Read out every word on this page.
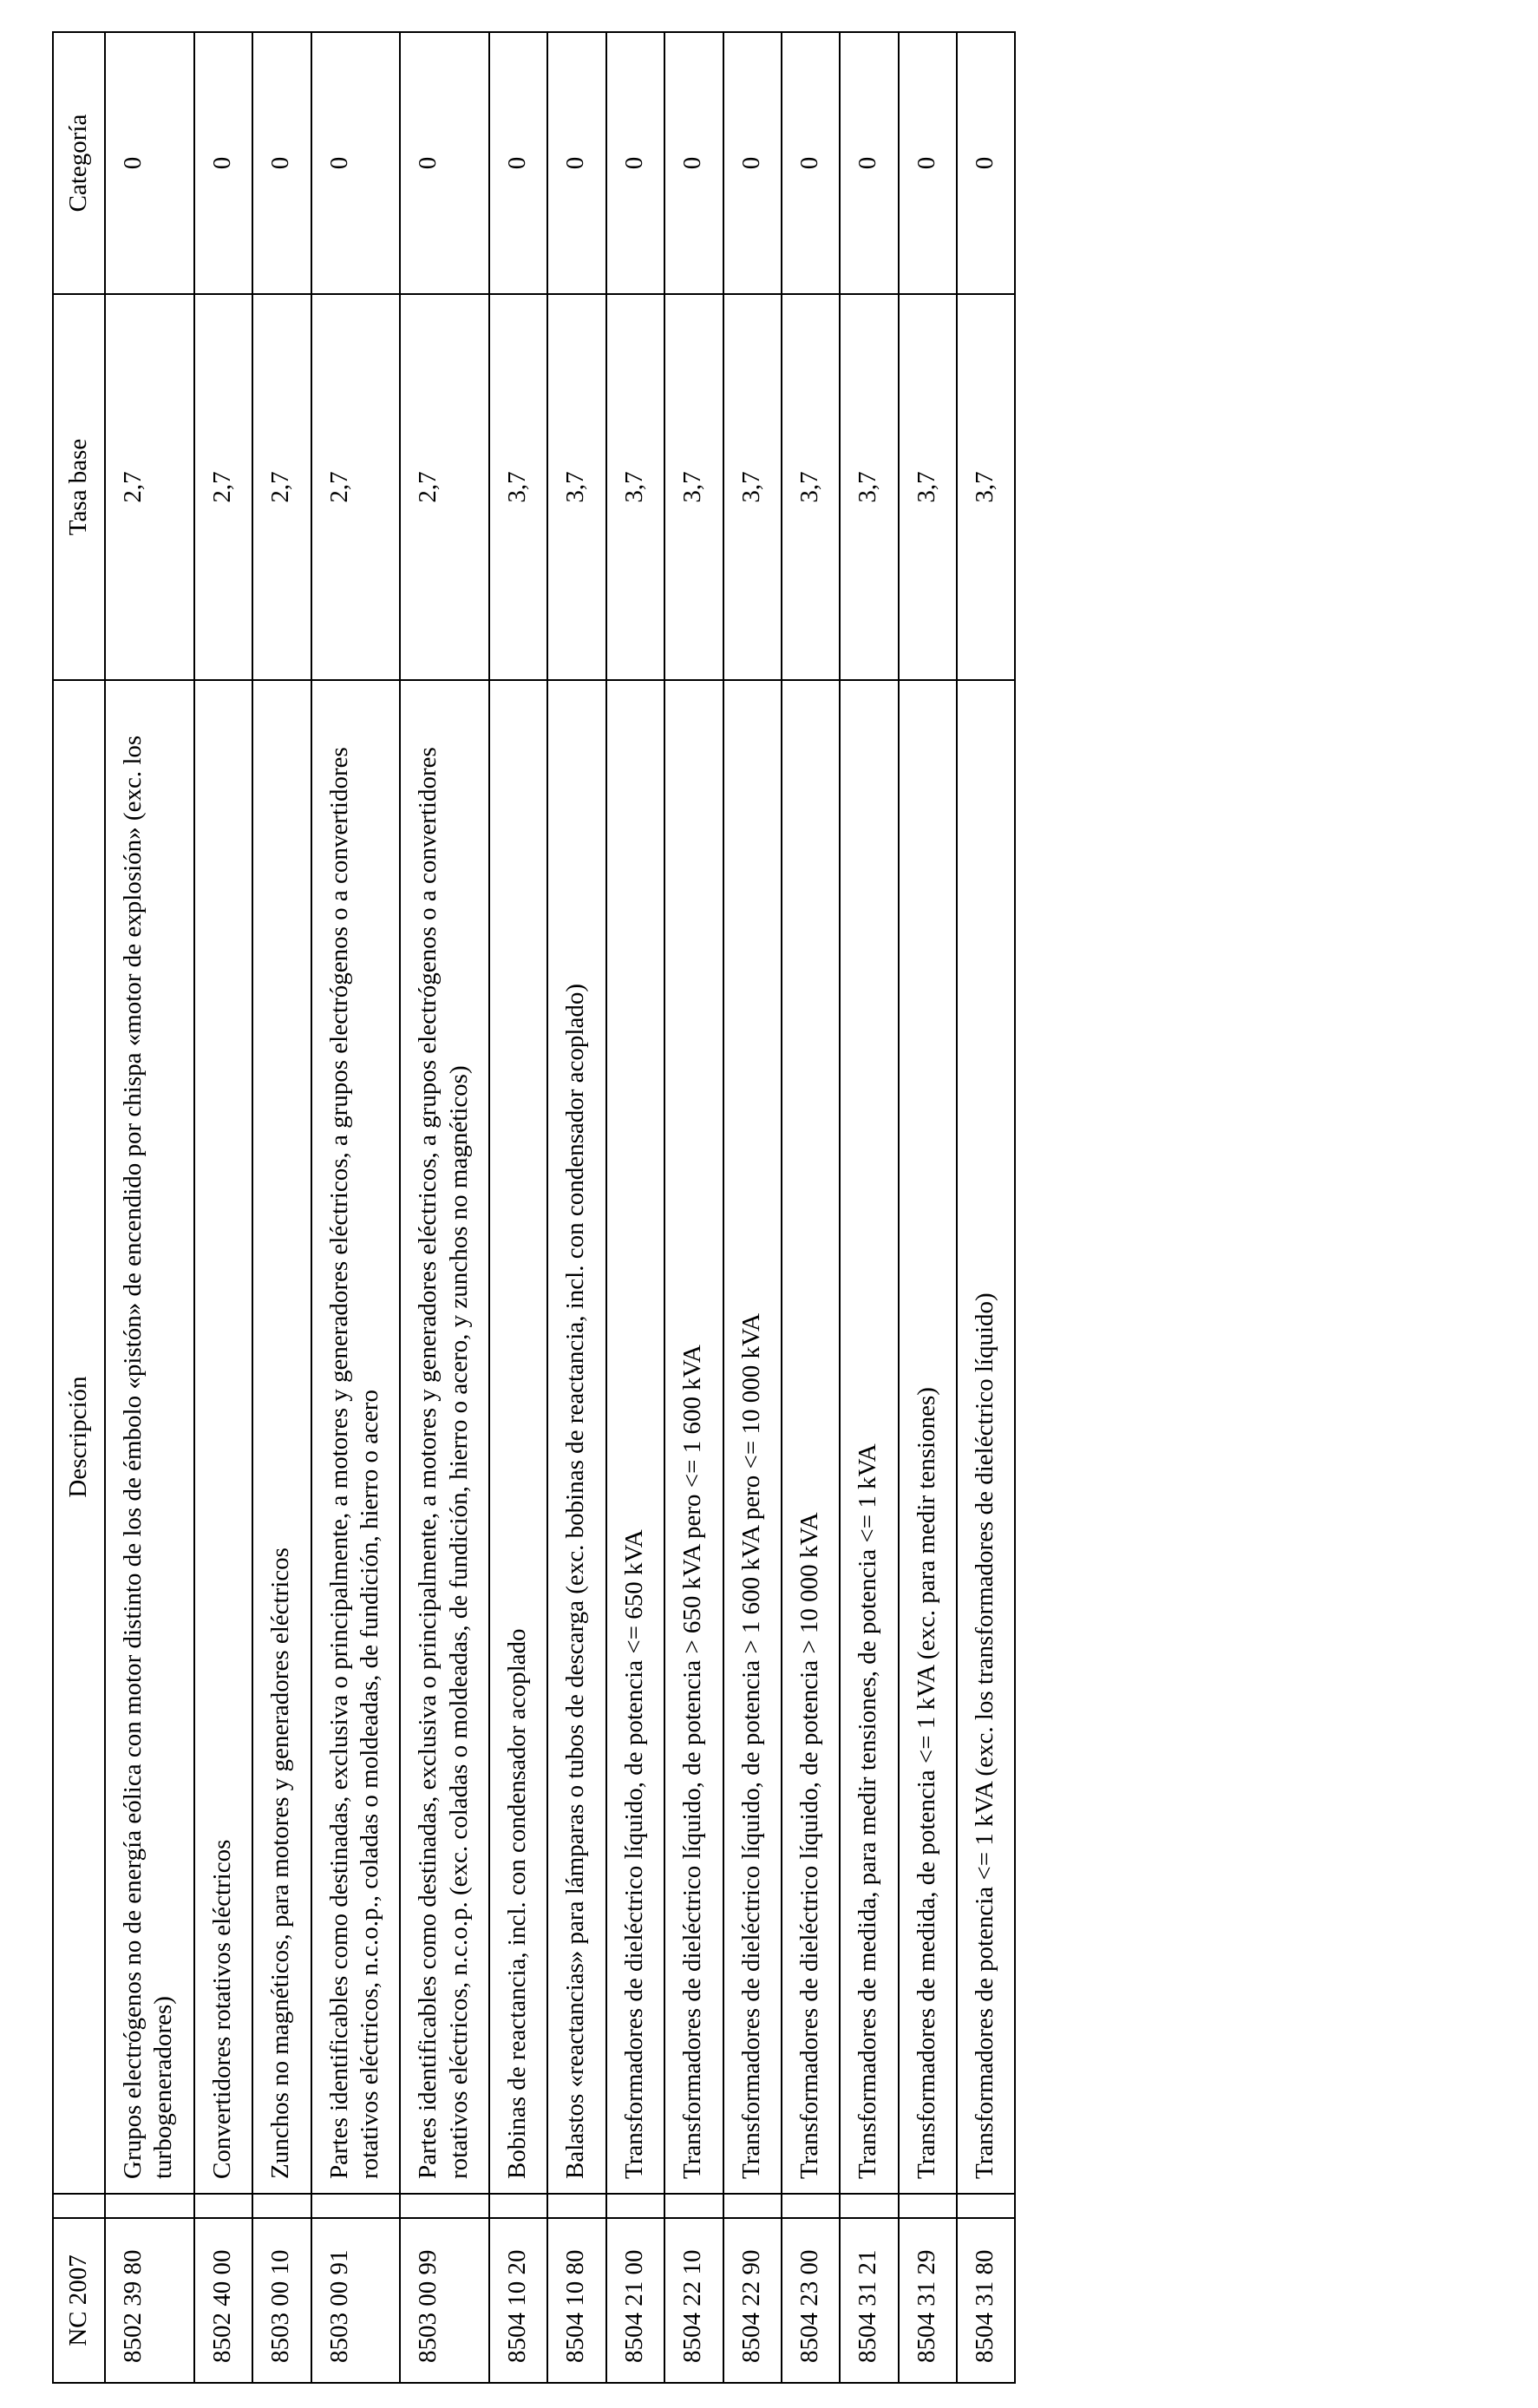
NC 2007		Descripción	Tasa base	Categoría
8502 39 80		Grupos electrógenos no de energía eólica con motor distinto de los de émbolo «pistón» de encendido por chispa «motor de explosión» (exc. los turbogeneradores)	2,7	0
8502 40 00		Convertidores rotativos eléctricos	2,7	0
8503 00 10		Zunchos no magnéticos, para motores y generadores eléctricos	2,7	0
8503 00 91		Partes identificables como destinadas, exclusiva o principalmente, a motores y generadores eléctricos, a grupos electrógenos o a convertidores rotativos eléctricos, n.c.o.p., coladas o moldeadas, de fundición, hierro o acero	2,7	0
8503 00 99		Partes identificables como destinadas, exclusiva o principalmente, a motores y generadores eléctricos, a grupos electrógenos o a convertidores rotativos eléctricos, n.c.o.p. (exc. coladas o moldeadas, de fundición, hierro o acero, y zunchos no magnéticos)	2,7	0
8504 10 20		Bobinas de reactancia, incl. con condensador acoplado	3,7	0
8504 10 80		Balastos «reactancias» para lámparas o tubos de descarga (exc. bobinas de reactancia, incl. con condensador acoplado)	3,7	0
8504 21 00		Transformadores de dieléctrico líquido, de potencia <= 650 kVA	3,7	0
8504 22 10		Transformadores de dieléctrico líquido, de potencia > 650 kVA pero <= 1 600 kVA	3,7	0
8504 22 90		Transformadores de dieléctrico líquido, de potencia > 1 600 kVA pero <= 10 000 kVA	3,7	0
8504 23 00		Transformadores de dieléctrico líquido, de potencia > 10 000 kVA	3,7	0
8504 31 21		Transformadores de medida, para medir tensiones, de potencia <= 1 kVA	3,7	0
8504 31 29		Transformadores de medida, de potencia <= 1 kVA (exc. para medir tensiones)	3,7	0
8504 31 80		Transformadores de potencia <= 1 kVA (exc. los transformadores de dieléctrico líquido)	3,7	0
